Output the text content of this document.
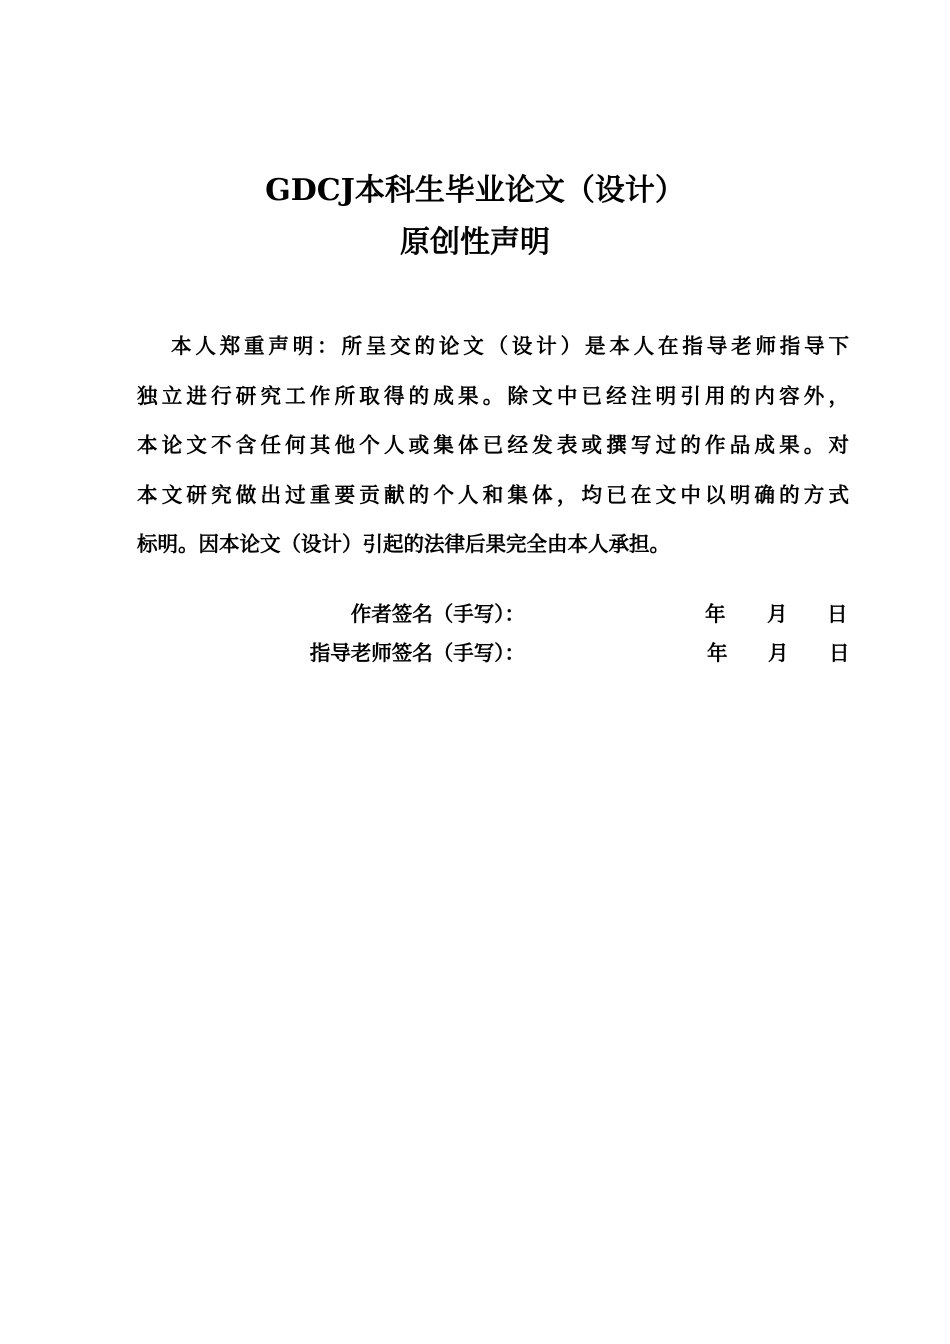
GDCJ本科生毕业论文（设计）
原创性声明
本人郑重声明：所呈交的论文（设计）是本人在指导老师指导下
独立进行研究工作所取得的成果。除文中已经注明引用的内容外，
本论文不含任何其他个人或集体已经发表或撰写过的作品成果。对
本文研究做出过重要贡献的个人和集体，均已在文中以明确的方式
标明。因本论文（设计）引起的法律后果完全由本人承担。
作者签名（手写）：	年 月 日
指导老师签名（手写）：	年 月 日
